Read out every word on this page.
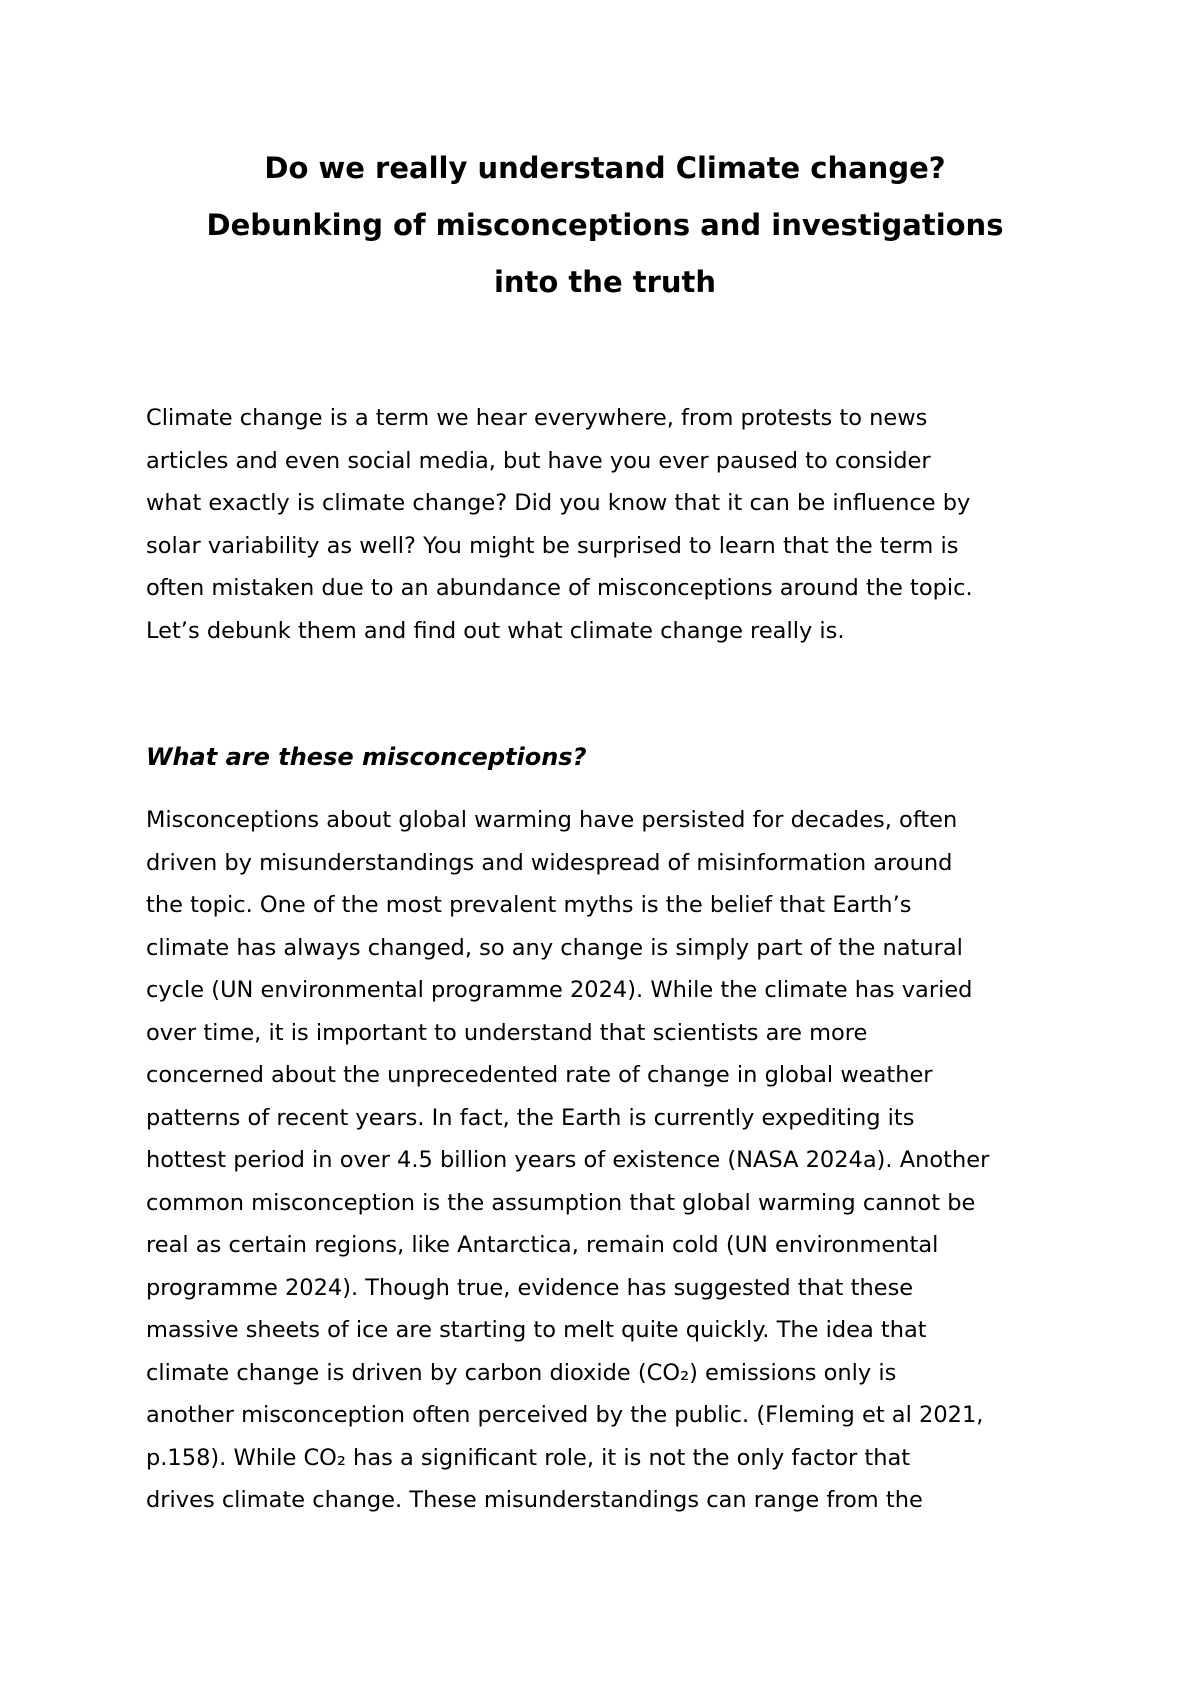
Do we really understand Climate change?
Debunking of misconceptions and investigations
into the truth
Climate change is a term we hear everywhere, from protests to news
articles and even social media, but have you ever paused to consider
what exactly is climate change? Did you know that it can be influence by
solar variability as well? You might be surprised to learn that the term is
often mistaken due to an abundance of misconceptions around the topic.
Let’s debunk them and find out what climate change really is.
What are these misconceptions?
Misconceptions about global warming have persisted for decades, often
driven by misunderstandings and widespread of misinformation around
the topic. One of the most prevalent myths is the belief that Earth’s
climate has always changed, so any change is simply part of the natural
cycle (UN environmental programme 2024). While the climate has varied
over time, it is important to understand that scientists are more
concerned about the unprecedented rate of change in global weather
patterns of recent years. In fact, the Earth is currently expediting its
hottest period in over 4.5 billion years of existence (NASA 2024a). Another
common misconception is the assumption that global warming cannot be
real as certain regions, like Antarctica, remain cold (UN environmental
programme 2024). Though true, evidence has suggested that these
massive sheets of ice are starting to melt quite quickly. The idea that
climate change is driven by carbon dioxide (CO₂) emissions only is
another misconception often perceived by the public. (Fleming et al 2021,
p.158). While CO₂ has a significant role, it is not the only factor that
drives climate change. These misunderstandings can range from the
